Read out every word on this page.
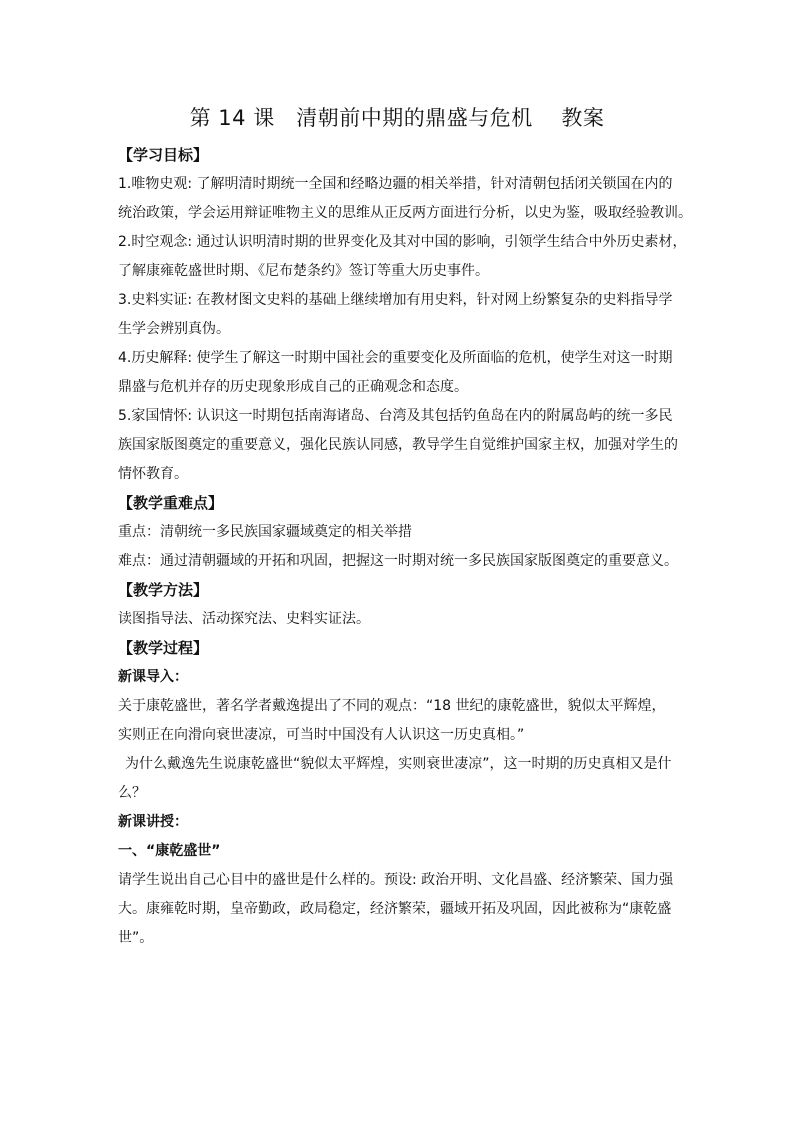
第 14 课　清朝前中期的鼎盛与危机　 教案
【学习目标】
1.唯物史观: 了解明清时期统一全国和经略边疆的相关举措，针对清朝包括闭关锁国在内的
统治政策，学会运用辩证唯物主义的思维从正反两方面进行分析，以史为鉴，吸取经验教训。
2.时空观念: 通过认识明清时期的世界变化及其对中国的影响，引领学生结合中外历史素材，
了解康雍乾盛世时期、《尼布楚条约》签订等重大历史事件。
3.史料实证: 在教材图文史料的基础上继续增加有用史料，针对网上纷繁复杂的史料指导学
生学会辨别真伪。
4.历史解释: 使学生了解这一时期中国社会的重要变化及所面临的危机，使学生对这一时期
鼎盛与危机并存的历史现象形成自己的正确观念和态度。
5.家国情怀: 认识这一时期包括南海诸岛、台湾及其包括钓鱼岛在内的附属岛屿的统一多民
族国家版图奠定的重要意义，强化民族认同感，教导学生自觉维护国家主权，加强对学生的
情怀教育。
【教学重难点】
重点：清朝统一多民族国家疆域奠定的相关举措
难点：通过清朝疆域的开拓和巩固，把握这一时期对统一多民族国家版图奠定的重要意义。
【教学方法】
读图指导法、活动探究法、史料实证法。
【教学过程】
新课导入：
关于康乾盛世，著名学者戴逸提出了不同的观点：“18 世纪的康乾盛世，貌似太平辉煌，
实则正在向滑向衰世凄凉，可当时中国没有人认识这一历史真相。”
为什么戴逸先生说康乾盛世“貌似太平辉煌，实则衰世凄凉”，这一时期的历史真相又是什
么？
新课讲授：
一、“康乾盛世”
请学生说出自己心目中的盛世是什么样的。预设: 政治开明、文化昌盛、经济繁荣、国力强
大。康雍乾时期，皇帝勤政，政局稳定，经济繁荣，疆域开拓及巩固，因此被称为“康乾盛
世”。
